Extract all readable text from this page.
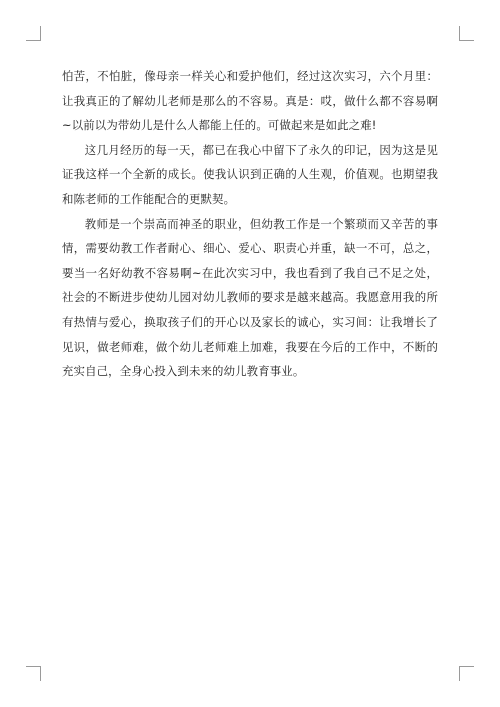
怕苦，不怕脏，像母亲一样关心和爱护他们，经过这次实习，六个月里：让我真正的了解幼儿老师是那么的不容易。真是：哎，做什么都不容易啊~以前以为带幼儿是什么人都能上任的。可做起来是如此之难!

这几月经历的每一天，都已在我心中留下了永久的印记，因为这是见证我这样一个全新的成长。使我认识到正确的人生观，价值观。也期望我和陈老师的工作能配合的更默契。

教师是一个崇高而神圣的职业，但幼教工作是一个繁琐而又辛苦的事情，需要幼教工作者耐心、细心、爱心、职责心并重，缺一不可，总之，要当一名好幼教不容易啊~在此次实习中，我也看到了我自己不足之处，社会的不断进步使幼儿园对幼儿教师的要求是越来越高。我愿意用我的所有热情与爱心，换取孩子们的开心以及家长的诚心，实习间：让我增长了见识，做老师难，做个幼儿老师难上加难，我要在今后的工作中，不断的充实自己，全身心投入到未来的幼儿教育事业。
